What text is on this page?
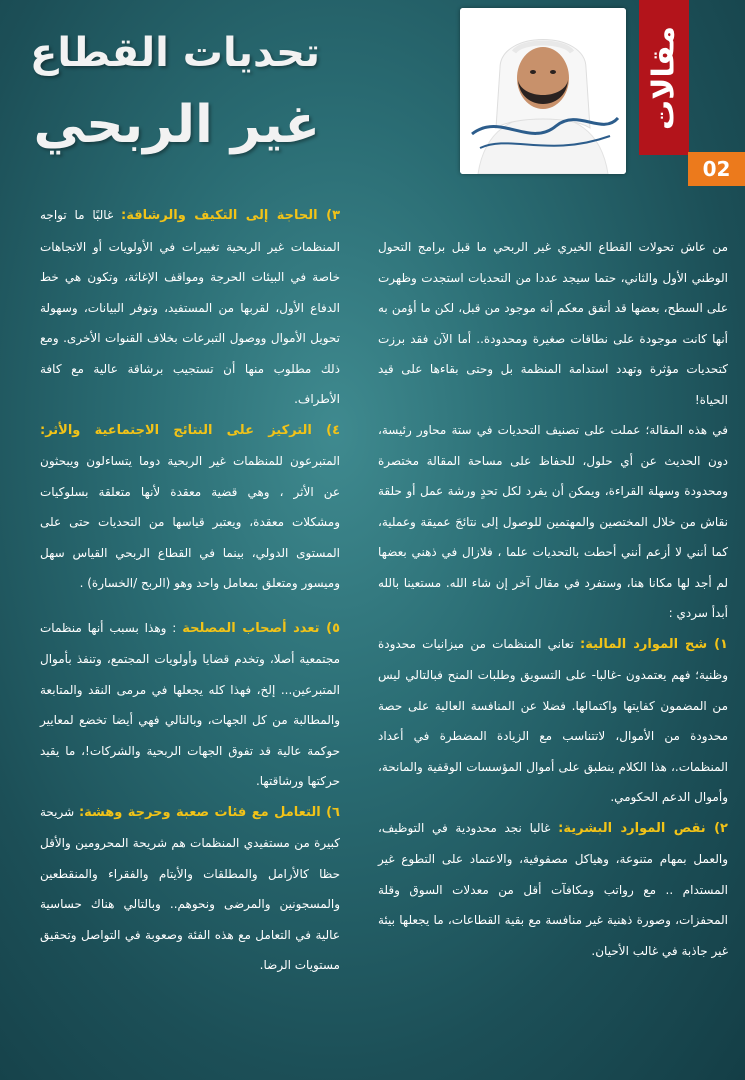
تحديات القطاع
غير الربحي	مقالات
02

٣) الحاجة إلى التكيف والرشاقة: غالبًا ما تواجه المنظمات غير الربحية تغييرات في الأولويات أو الاتجاهات خاصة في البيئات الحرجة ومواقف الإغاثة، وتكون هي خط الدفاع الأول، لقربها من المستفيد، وتوفر البيانات، وسهولة تحويل الأموال ووصول التبرعات بخلاف القنوات الأخرى. ومع ذلك مطلوب منها أن تستجيب برشاقة عالية مع كافة الأطراف.

٤) التركيز على النتائج الاجتماعية والأثر: المتبرعون للمنظمات غير الربحية دوما يتساءلون ويبحثون عن الأثر ، وهي قضية معقدة لأنها متعلقة بسلوكيات ومشكلات معقدة، ويعتبر قياسها من التحديات حتى على المستوى الدولي، بينما في القطاع الربحي القياس سهل وميسور ومتعلق بمعامل واحد وهو (الربح /الخسارة) .

٥) تعدد أصحاب المصلحة : وهذا بسبب أنها منظمات مجتمعية أصلا، وتخدم قضايا وأولويات المجتمع، وتنفذ بأموال المتبرعين... إلخ، فهذا كله يجعلها في مرمى النقد والمتابعة والمطالبة من كل الجهات، وبالتالي فهي أيضا تخضع لمعايير حوكمة عالية قد تفوق الجهات الربحية والشركات!، ما يقيد حركتها ورشاقتها.

٦) التعامل مع فئات صعبة وحرجة وهشة: شريحة كبيرة من مستفيدي المنظمات هم شريحة المحرومين والأقل حظا كالأرامل والمطلقات والأيتام والفقراء والمنقطعين والمسجونين والمرضى ونحوهم.. وبالتالي هناك حساسية عالية في التعامل مع هذه الفئة وصعوبة في التواصل وتحقيق مستويات الرضا.

من عاش تحولات القطاع الخيري غير الربحي ما قبل برامج التحول الوطني الأول والثاني، حتما سيجد عددا من التحديات استجدت وظهرت على السطح، بعضها قد أتفق معكم أنه موجود من قبل، لكن ما أؤمن به أنها كانت موجودة على نطاقات صغيرة ومحدودة.. أما الآن فقد برزت كتحديات مؤثرة وتهدد استدامة المنظمة بل وحتى بقاءها على قيد الحياة!

في هذه المقالة؛ عملت على تصنيف التحديات في ستة محاور رئيسة، دون الحديث عن أي حلول، للحفاظ على مساحة المقالة مختصرة ومحدودة وسهلة القراءة، ويمكن أن يفرد لكل تحدٍ ورشة عمل أو حلقة نقاش من خلال المختصين والمهتمين للوصول إلى نتائجَ عميقة وعملية، كما أنني لا أزعم أنني أحطت بالتحديات علما ، فلازال في ذهني بعضها لم أجد لها مكانا هنا، وستفرد في مقال آخر إن شاء الله. مستعينا بالله أبدأ سردي :

١) شح الموارد المالية: تعاني المنظمات من ميزانيات محدودة وظنية؛ فهم يعتمدون -غالبا- على التسويق وطلبات المنح فبالتالي ليس من المضمون كفايتها واكتمالها. فضلا عن المنافسة العالية على حصة محدودة من الأموال، لاتتناسب مع الزيادة المضطرة في أعداد المنظمات.، هذا الكلام ينطبق على أموال المؤسسات الوقفية والمانحة، وأموال الدعم الحكومي.

٢) نقص الموارد البشرية: غالبا نجد محدودية في التوظيف، والعمل بمهام متنوعة، وهياكل مصفوفية، والاعتماد على التطوع غير المستدام .. مع رواتب ومكافآت أقل من معدلات السوق وقلة المحفزات، وصورة ذهنية غير منافسة مع بقية القطاعات، ما يجعلها بيئة غير جاذبة في غالب الأحيان.
